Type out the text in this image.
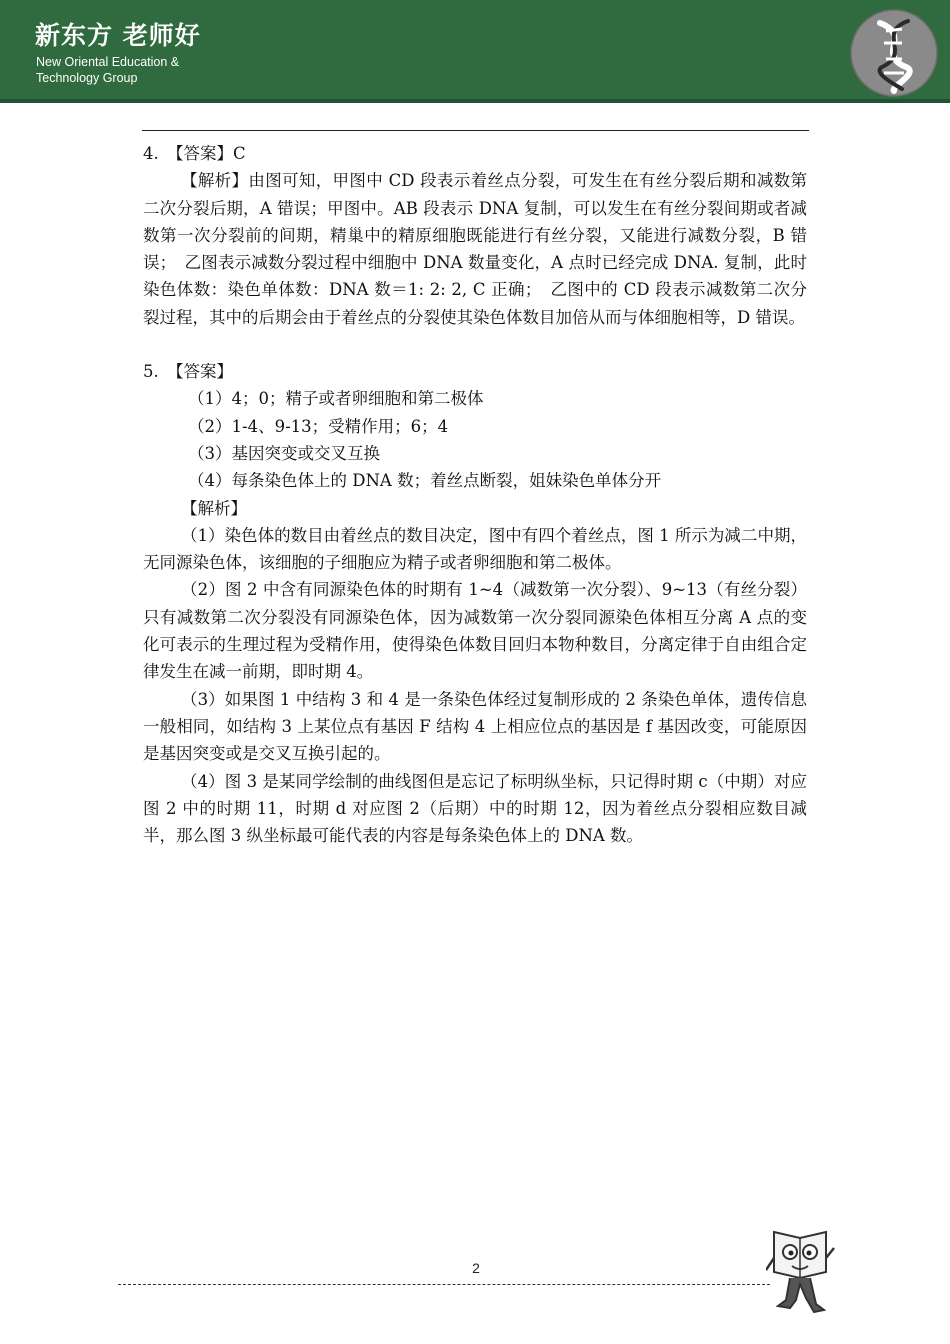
新东方 老师好
New Oriental Education &
Technology Group

4.　【答案】C

【解析】由图可知，甲图中 CD 段表示着丝点分裂，可发生在有丝分裂后期和减数第二次分裂后期，A 错误；甲图中。AB 段表示 DNA 复制，可以发生在有丝分裂间期或者减数第一次分裂前的间期，精巢中的精原细胞既能进行有丝分裂，又能进行减数分裂，B 错误；　乙图表示减数分裂过程中细胞中 DNA 数量变化，A 点时已经完成 DNA. 复制，此时染色体数：染色单体数：DNA 数＝1: 2: 2, C 正确；　乙图中的 CD 段表示减数第二次分裂过程，其中的后期会由于着丝点的分裂使其染色体数目加倍从而与体细胞相等，D 错误。

5.　【答案】

（1）4；0；精子或者卵细胞和第二极体

（2）1-4、9-13；受精作用；6；4

（3）基因突变或交叉互换

（4）每条染色体上的 DNA 数；着丝点断裂，姐妹染色单体分开

【解析】

（1）染色体的数目由着丝点的数目决定，图中有四个着丝点，图 1 所示为减二中期，无同源染色体，该细胞的子细胞应为精子或者卵细胞和第二极体。

（2）图 2 中含有同源染色体的时期有 1~4（减数第一次分裂）、9~13（有丝分裂）只有减数第二次分裂没有同源染色体，因为减数第一次分裂同源染色体相互分离 A 点的变化可表示的生理过程为受精作用，使得染色体数目回归本物种数目，分离定律于自由组合定律发生在减一前期，即时期 4。

（3）如果图 1 中结构 3 和 4 是一条染色体经过复制形成的 2 条染色单体，遗传信息一般相同，如结构 3 上某位点有基因 F 结构 4 上相应位点的基因是 f 基因改变，可能原因是基因突变或是交叉互换引起的。

（4）图 3 是某同学绘制的曲线图但是忘记了标明纵坐标，只记得时期 c（中期）对应图 2 中的时期 11，时期 d 对应图 2（后期）中的时期 12，因为着丝点分裂相应数目减半，那么图 3 纵坐标最可能代表的内容是每条染色体上的 DNA 数。

2
